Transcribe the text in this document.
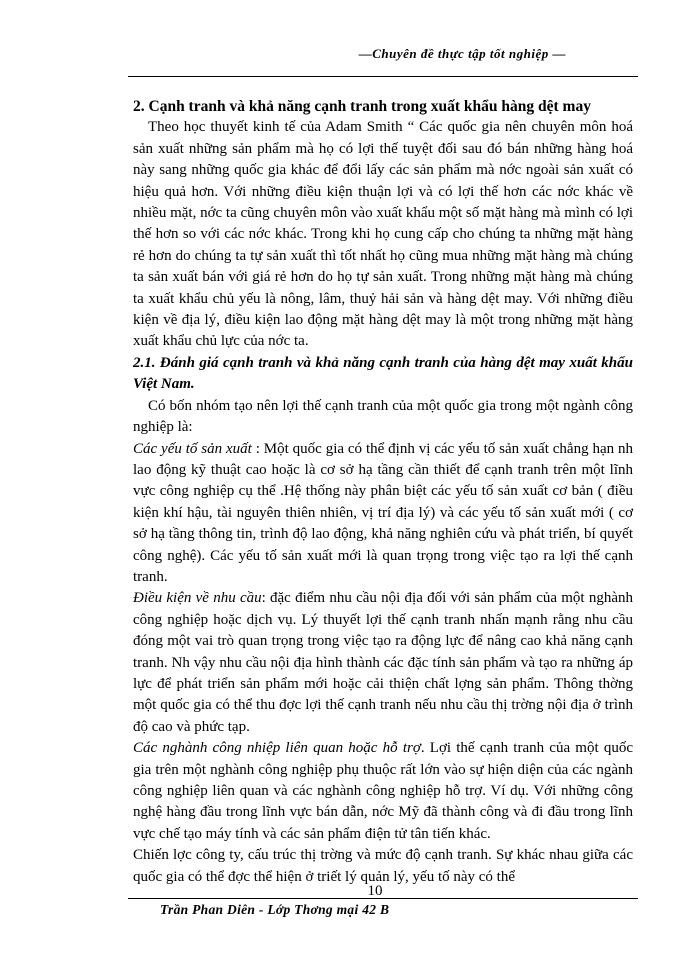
—Chuyên đề thực tập tốt nghiệp —

2. Cạnh tranh và khả năng cạnh tranh trong xuất khẩu hàng dệt may

Theo học thuyết kinh tế của Adam Smith “ Các quốc gia nên chuyên môn hoá sản xuất những sản phẩm mà họ có lợi thế tuyệt đối sau đó bán những hàng hoá này sang những quốc gia khác để đổi lấy các sản phẩm mà nớc ngoài sản xuất có hiệu quả hơn. Với những điều kiện thuận lợi và có lợi thế hơn các nớc khác về nhiều mặt, nớc ta cũng chuyên môn vào xuất khẩu một số mặt hàng mà mình có lợi thế hơn so với các nớc khác. Trong khi họ cung cấp cho chúng ta những mặt hàng rẻ hơn do chúng ta tự sản xuất thì tốt nhất họ cũng mua những mặt hàng mà chúng ta sản xuất bán với giá rẻ hơn do họ tự sản xuất. Trong những mặt hàng mà chúng ta xuất khẩu chủ yếu là nông, lâm, thuỷ hải sản và hàng dệt may. Với những điều kiện về địa lý, điều kiện lao động mặt hàng dệt may là một trong những mặt hàng xuất khẩu chủ lực của nớc ta.

2.1. Đánh giá cạnh tranh và khả năng cạnh tranh của hàng dệt may xuất khẩu Việt Nam.

Có bốn nhóm tạo nên lợi thế cạnh tranh của một quốc gia trong một ngành công nghiệp là:

Các yếu tố sản xuất : Một quốc gia có thể định vị các yếu tố sản xuất chẳng hạn nh lao động kỹ thuật cao hoặc là cơ sở hạ tầng cần thiết để cạnh tranh trên một lĩnh vực công nghiệp cụ thể .Hệ thống này phân biệt các yếu tố sản xuất cơ bản ( điều kiện khí hậu, tài nguyên thiên nhiên, vị trí địa lý) và các yếu tố sản xuất mới ( cơ sở hạ tầng thông tin, trình độ lao động, khả năng nghiên cứu và phát triển, bí quyết công nghệ). Các yếu tố sản xuất mới là quan trọng trong việc tạo ra lợi thế cạnh tranh.

Điều kiện về nhu cầu: đặc điểm nhu cầu nội địa đối với sản phẩm của một nghành công nghiệp hoặc dịch vụ. Lý thuyết lợi thế cạnh tranh nhấn mạnh rằng nhu cầu đóng một vai trò quan trọng trong việc tạo ra động lực để nâng cao khả năng cạnh tranh. Nh vậy nhu cầu nội địa hình thành các đặc tính sản phẩm và tạo ra những áp lực để phát triển sản phẩm mới hoặc cải thiện chất lợng sản phẩm. Thông thờng một quốc gia có thể thu đợc lợi thế cạnh tranh nếu nhu cầu thị trờng nội địa ở trình độ cao và phức tạp.

Các nghành công nhiệp liên quan hoặc hỗ trợ. Lợi thế cạnh tranh của một quốc gia trên một nghành công nghiệp phụ thuộc rất lớn vào sự hiện diện của các ngành công nghiệp liên quan và các nghành công nghiệp hỗ trợ. Ví dụ. Với những công nghệ hàng đầu trong lĩnh vực bán dẫn, nớc Mỹ đã thành công và đi đầu trong lĩnh vực chế tạo máy tính và các sản phẩm điện tử tân tiến khác.

Chiến lợc công ty, cấu trúc thị trờng và mức độ cạnh tranh. Sự khác nhau giữa các quốc gia có thể đợc thể hiện ở triết lý quản lý, yếu tố này có thể

10
Trần Phan Diên - Lớp Thơng mại 42 B
